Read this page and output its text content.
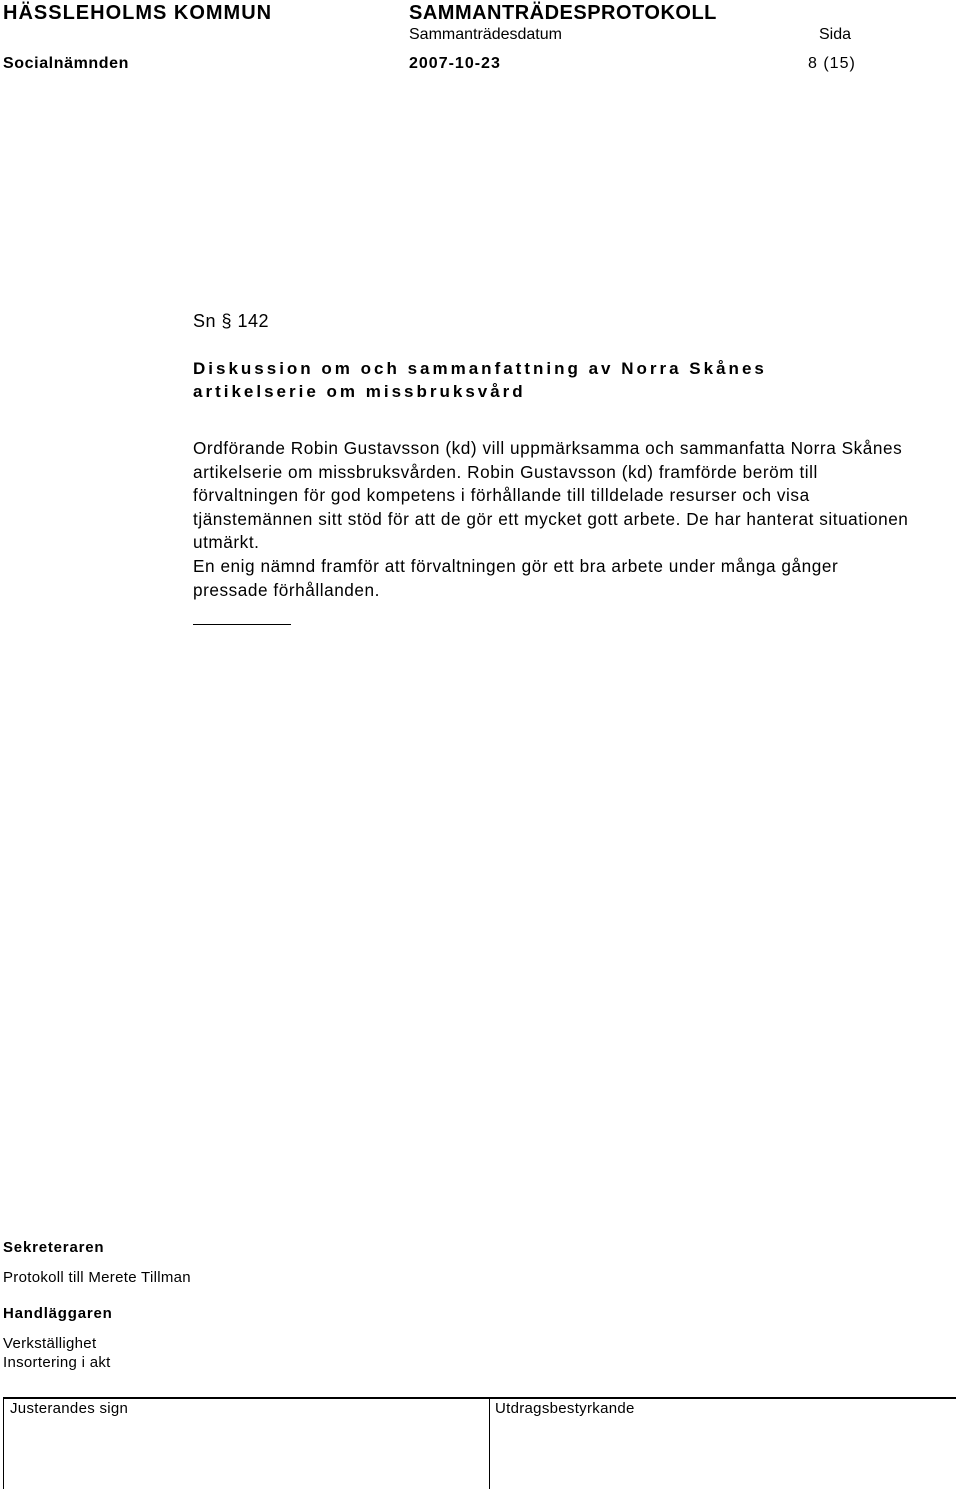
HÄSSLEHOLMS KOMMUN	SAMMANTRÄDESPROTOKOLL
Sammanträdesdatum	Sida
Socialnämnden	2007-10-23	8 (15)
Sn § 142
Diskussion om och sammanfattning av Norra Skånes artikelserie om missbruksvård

Ordförande Robin Gustavsson (kd) vill uppmärksamma och sammanfatta Norra Skånes artikelserie om missbruksvården. Robin Gustavsson (kd) framförde beröm till förvaltningen för god kompetens i förhållande till tilldelade resurser och visa tjänstemännen sitt stöd för att de gör ett mycket gott arbete. De har hanterat situationen utmärkt.

En enig nämnd framför att förvaltningen gör ett bra arbete under många gånger pressade förhållanden.

Sekreteraren
Protokoll till Merete Tillman
Handläggaren
Verkställighet
Insortering i akt
Justerandes sign	Utdragsbestyrkande
